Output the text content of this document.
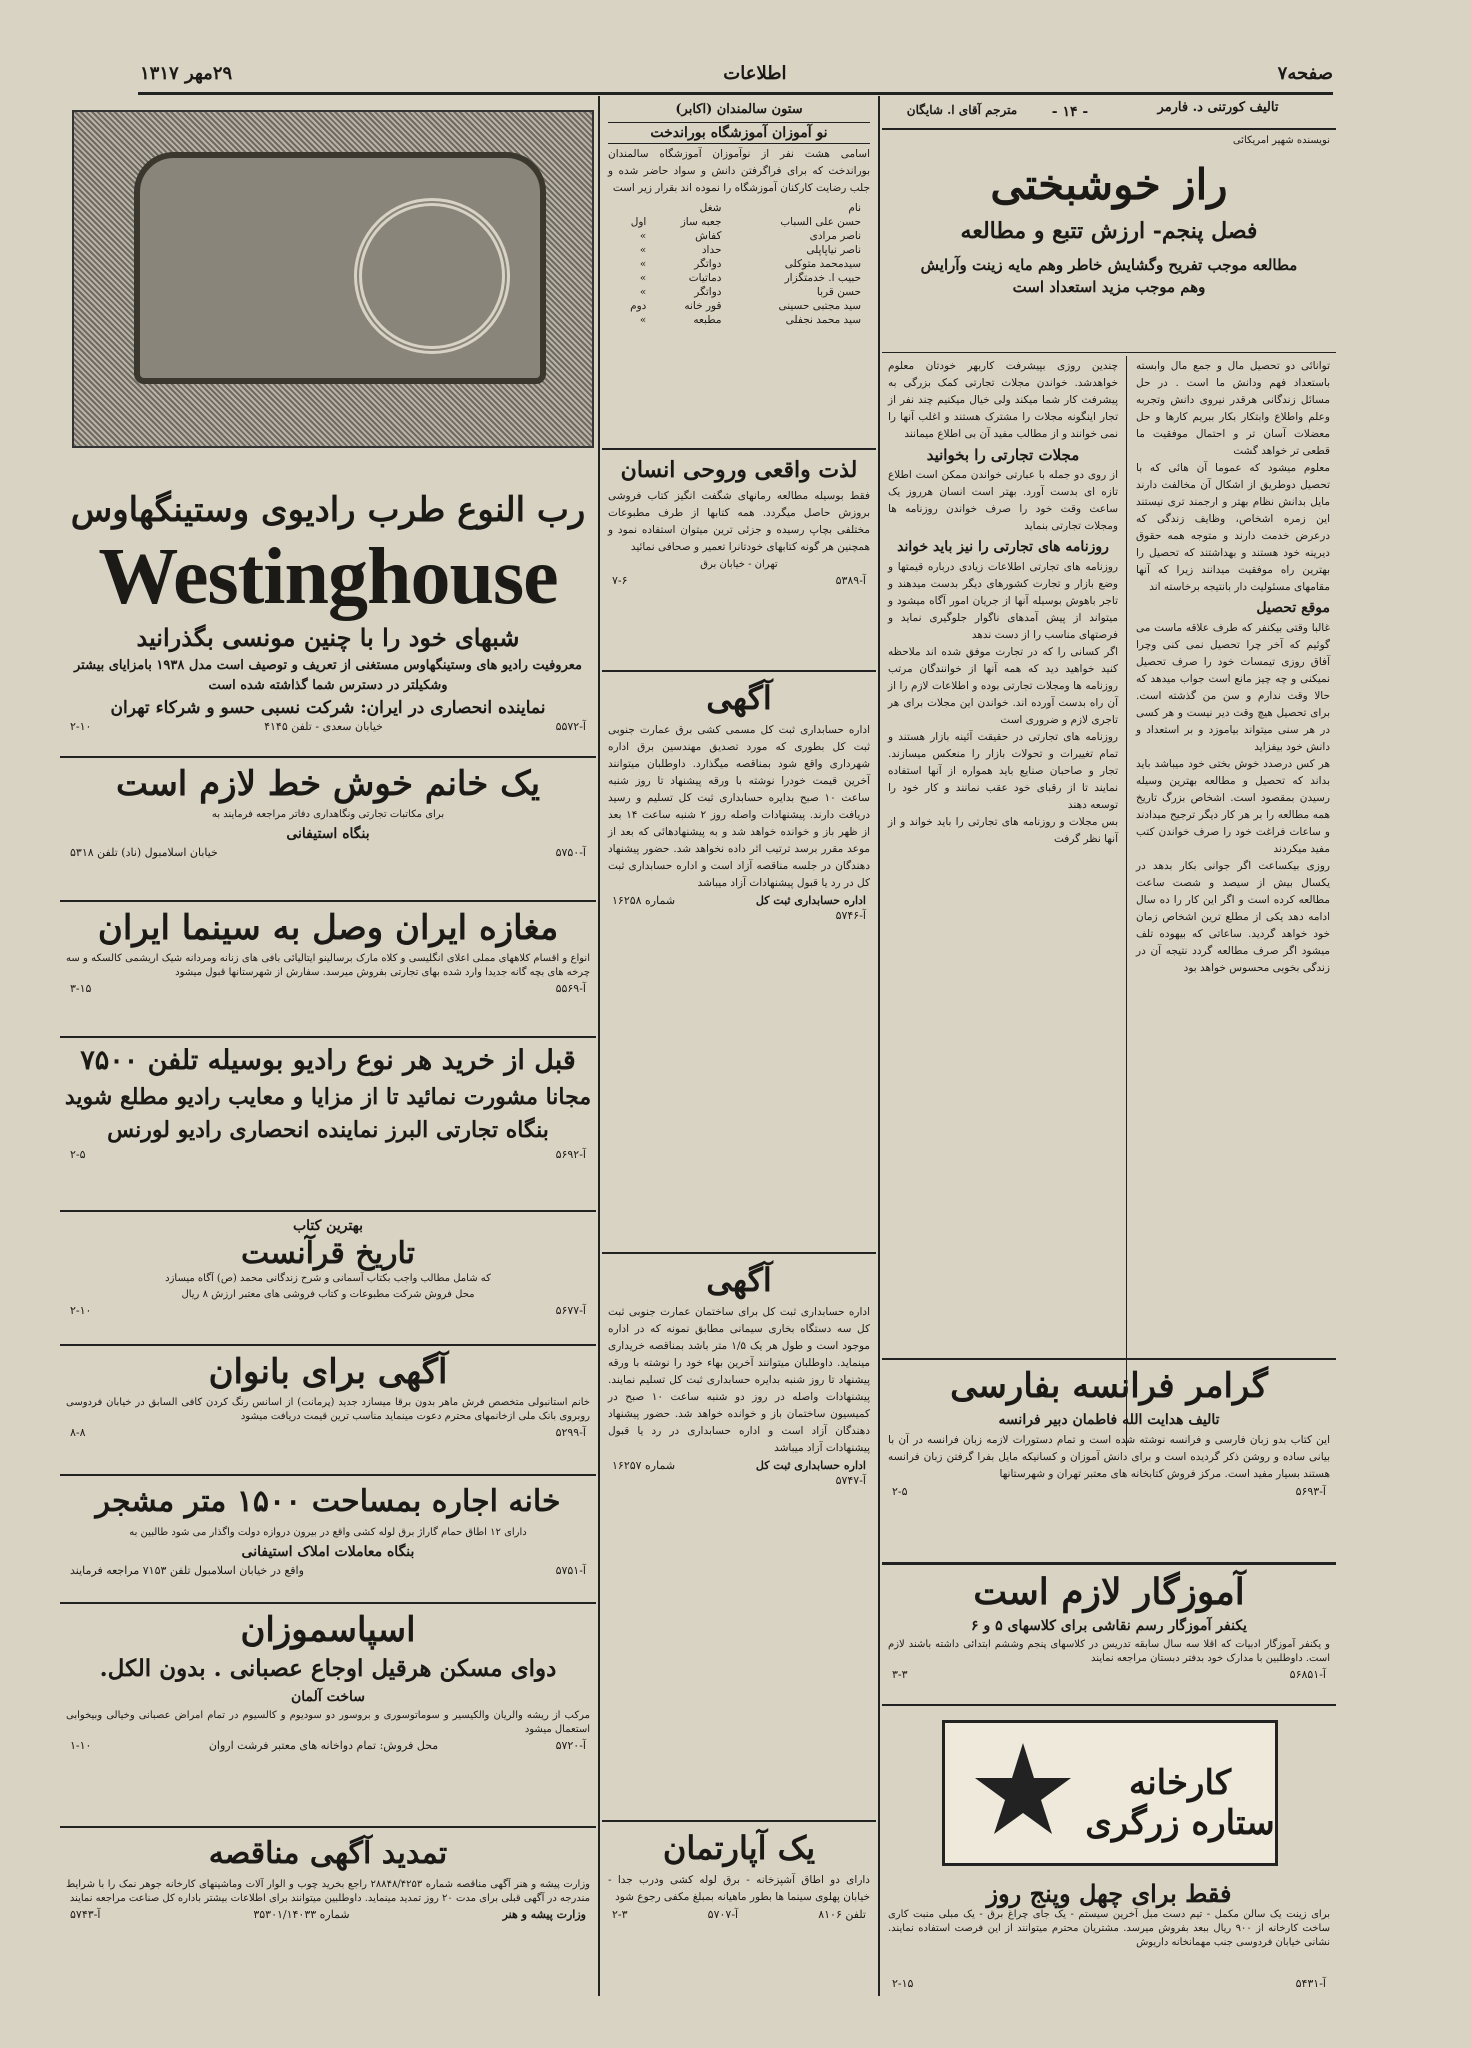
صفحه۷
اطلاعات
۲۹مهر ۱۳۱۷
تالیف کورتنی د. فارمر
- ۱۴ -
مترجم آقای ا. شایگان
نویسنده شهیر امریکائی
راز خوشبختی
فصل پنجم- ارزش تتبع و مطالعه
مطالعه موجب تفریح وگشایش خاطر وهم مایه زینت وآرایش وهم موجب مزید استعداد است

توانائی دو تحصیل مال و جمع مال وابسته باستعداد فهم ودانش ما است . در حل مسائل زندگانی هرقدر نیروی دانش وتجربه وعلم واطلاع وابتکار بکار ببریم کارها و حل معضلات آسان تر و احتمال موفقیت ما قطعی تر خواهد گشت

معلوم میشود که عموما آن هائی که با تحصیل دوطریق از اشکال آن مخالفت دارند مایل بدانش نظام بهتر و ارجمند تری نیستند این زمره اشخاص، وظایف زندگی که درعرض خدمت دارند و متوجه همه حقوق دیرینه خود هستند و بهداشتند که تحصیل را بهترین راه موفقیت میدانند زیرا که آنها مقامهای مسئولیت دار بانتیجه برخاسته اند

موقع تحصیل

غالبا وقتی بیکنفر که طرف علاقه ماست می گوئیم که آخر چرا تحصیل نمی کنی وچرا آفاق روزی تیمسات خود را صرف تحصیل نمیکنی و چه چیز مانع است جواب میدهد که حالا وقت ندارم و سن من گذشته است. برای تحصیل هیچ وقت دیر نیست و هر کسی در هر سنی میتواند بیاموزد و بر استعداد و دانش خود بیفزاید

هر کس درصدد خوش بختی خود میباشد باید بداند که تحصیل و مطالعه بهترین وسیله رسیدن بمقصود است. اشخاص بزرگ تاریخ همه مطالعه را بر هر کار دیگر ترجیح میدادند و ساعات فراغت خود را صرف خواندن کتب مفید میکردند

روزی بیکساعت اگر جوانی بکار بدهد در یکسال بیش از سیصد و شصت ساعت مطالعه کرده است و اگر این کار را ده سال ادامه دهد یکی از مطلع ترین اشخاص زمان خود خواهد گردید. ساعاتی که بیهوده تلف میشود اگر صرف مطالعه گردد نتیجه آن در زندگی بخوبی محسوس خواهد بود

چندین روزی بپیشرفت کاربهر خودتان معلوم خواهدشد. خواندن مجلات تجارتی کمک بزرگی به پیشرفت کار شما میکند ولی خیال میکنیم چند نفر از تجار اینگونه مجلات را مشترک هستند و اغلب آنها را نمی خوانند و از مطالب مفید آن بی اطلاع میمانند

مجلات تجارتی را بخوانید

از روی دو جمله با عبارتی خواندن ممکن است اطلاع تازه ای بدست آورد. بهتر است انسان هرروز یک ساعت وقت خود را صرف خواندن روزنامه ها ومجلات تجارتی بنماید

روزنامه های تجارتی را نیز باید خواند

روزنامه های تجارتی اطلاعات زیادی درباره قیمتها و وضع بازار و تجارت کشورهای دیگر بدست میدهند و تاجر باهوش بوسیله آنها از جریان امور آگاه میشود و میتواند از پیش آمدهای ناگوار جلوگیری نماید و فرصتهای مناسب را از دست ندهد

اگر کسانی را که در تجارت موفق شده اند ملاحظه کنید خواهید دید که همه آنها از خوانندگان مرتب روزنامه ها ومجلات تجارتی بوده و اطلاعات لازم را از آن راه بدست آورده اند. خواندن این مجلات برای هر تاجری لازم و ضروری است

روزنامه های تجارتی در حقیقت آئینه بازار هستند و تمام تغییرات و تحولات بازار را منعکس میسازند. تجار و صاحبان صنایع باید همواره از آنها استفاده نمایند تا از رقبای خود عقب نمانند و کار خود را توسعه دهند

بس مجلات و روزنامه های تجارتی را باید خواند و از آنها نظر گرفت

گرامر فرانسه بفارسی
تالیف هدایت الله فاطمان دبیر فرانسه

این کتاب بدو زبان فارسی و فرانسه نوشته شده است و تمام دستورات لازمه زبان فرانسه در آن با بیانی ساده و روشن ذکر گردیده است و برای دانش آموزان و کسانیکه مایل بفرا گرفتن زبان فرانسه هستند بسیار مفید است. مرکز فروش کتابخانه های معتبر تهران و شهرستانها

آ-۵۶۹۳
۲-۵
آموزگار لازم است
یکنفر آموزگار رسم نقاشی برای کلاسهای ۵ و ۶

و یکنفر آموزگار ادبیات که اقلا سه سال سابقه تدریس در کلاسهای پنجم وششم ابتدائی داشته باشند لازم است. داوطلبین با مدارک خود بدفتر دبستان مراجعه نمایند

آ-۵۶۸۵۱
۳-۳
کارخانه ستاره زرگری
فقط برای چهل وپنج روز

برای زینت یک سالن مکمل - تیم دست مبل آخرین سیستم - یک جای چراغ برق - یک مبلی منبت کاری ساخت کارخانه از ۹۰۰ ریال ببعد بفروش میرسد. مشتریان محترم میتوانند از این فرصت استفاده نمایند. نشانی خیابان فردوسی جنب مهمانخانه داریوش

آ-۵۴۳۱
۲-۱۵
ستون سالمندان (اکابر)
نو آموزان آموزشگاه بوراندخت

اسامی هشت نفر از نوآموزان آموزشگاه سالمندان بوراندخت که برای فراگرفتن دانش و سواد حاضر شده و جلب رضایت کارکنان آموزشگاه را نموده اند بقرار زیر است

نام	شغل	
حسن علی السباب	جعبه ساز	اول
ناصر مرادی	کفاش	»
ناصر نیاپاپلی	حداد	»
سیدمحمد متوکلی	دواتگر	»
حبیب ا. خدمتگزار	دماتیات	»
حسن قربا	دواتگر	»
سید مجتبی حسینی	قور خانه	دوم
سید محمد نجفلی	مطبعه	»
لذت واقعی وروحی انسان

فقط بوسیله مطالعه رمانهای شگفت انگیز کتاب فروشی بروزش حاصل میگردد. همه کتابها از طرف مطبوعات مختلفی بچاپ رسیده و جزئی ترین میتوان استفاده نمود و همچنین هر گونه کتابهای خودتانرا تعمیر و صحافی نمائید

تهران - خیابان برق
آ-۵۳۸۹
۷-۶
آگهی

اداره حسابداری ثبت کل مسمی کشی برق عمارت جنوبی ثبت کل بطوری که مورد تصدیق مهندسین برق اداره شهرداری واقع شود بمناقصه میگذارد. داوطلبان میتوانند آخرین قیمت خودرا نوشته با ورقه پیشنهاد تا روز شنبه ساعت ۱۰ صبح بدایره حسابداری ثبت کل تسلیم و رسید دریافت دارند. پیشنهادات واصله روز ۲ شنبه ساعت ۱۴ بعد از ظهر باز و خوانده خواهد شد و به پیشنهادهائی که بعد از موعد مقرر برسد ترتیب اثر داده نخواهد شد. حضور پیشنهاد دهندگان در جلسه مناقصه آزاد است و اداره حسابداری ثبت کل در رد یا قبول پیشنهادات آزاد میباشد

اداره حسابداری ثبت کل
شماره ۱۶۲۵۸
آ-۵۷۴۶
آگهی

اداره حسابداری ثبت کل برای ساختمان عمارت جنوبی ثبت کل سه دستگاه بخاری سیمانی مطابق نمونه که در اداره موجود است و طول هر یک ۱/۵ متر باشد بمناقصه خریداری مینماید. داوطلبان میتوانند آخرین بهاء خود را نوشته با ورقه پیشنهاد تا روز شنبه بدایره حسابداری ثبت کل تسلیم نمایند. پیشنهادات واصله در روز دو شنبه ساعت ۱۰ صبح در کمیسیون ساختمان باز و خوانده خواهد شد. حضور پیشنهاد دهندگان آزاد است و اداره حسابداری در رد یا قبول پیشنهادات آزاد میباشد

اداره حسابداری ثبت کل
شماره ۱۶۲۵۷
آ-۵۷۴۷
یک آپارتمان

دارای دو اطاق آشپزخانه - برق لوله کشی ودرب جدا - خیابان پهلوی سینما ها بطور ماهیانه بمبلغ مکفی رجوع شود

تلفن ۸۱۰۶
آ-۵۷۰۷
۲-۳
رب النوع طرب رادیوی وستینگهاوس
Westinghouse
شبهای خود را با چنین مونسی بگذرانید
معروفیت رادیو های وستینگهاوس مستغنی از تعریف و توصیف است مدل ۱۹۳۸ بامزایای بیشتر وشکیلتر در دسترس شما گذاشته شده است
نماینده انحصاری در ایران: شرکت نسبی حسو و شرکاء تهران
آ-۵۵۷۲
خیابان سعدی - تلفن ۴۱۴۵
۲-۱۰
یک خانم خوش خط لازم است
برای مکاتبات تجارتی ونگاهداری دفاتر مراجعه فرمایند به
بنگاه استیفانی
آ-۵۷۵۰
خیابان اسلامبول (ناد) تلفن ۵۳۱۸
مغازه ایران وصل به سینما ایران

انواع و اقسام کلاههای مملی اعلای انگلیسی و کلاه مارک برسالینو ایتالیائی بافی های زنانه ومردانه شیک اریشمی کالسکه و سه چرخه های بچه گانه جدیدا وارد شده بهای تجارتی بفروش میرسد. سفارش از شهرستانها قبول میشود

آ-۵۵۶۹
۳-۱۵
قبل از خرید هر نوع رادیو بوسیله تلفن ۷۵۰۰
مجانا مشورت نمائید تا از مزایا و معایب رادیو مطلع شوید
بنگاه تجارتی البرز نماینده انحصاری رادیو لورنس
آ-۵۶۹۲
۲-۵
بهترین کتاب
تاریخ قرآنست
که شامل مطالب واجب بکتاب آسمانی و شرح زندگانی محمد (ص) آگاه میسازد
محل فروش شرکت مطبوعات و کتاب فروشی های معتبر ارزش ۸ ریال
آ-۵۶۷۷
۲-۱۰
آگهی برای بانوان

خانم استانبولی متخصص فرش ماهر بدون برقا میسازد جدید (پرمانت) از اسانس رنگ کردن کافی السابق در خیابان فردوسی روبروی بانک ملی ازخانمهای محترم دعوت مینماید مناسب ترین قیمت دریافت میشود

آ-۵۲۹۹
۸-۸
خانه اجاره بمساحت ۱۵۰۰ متر مشجر
دارای ۱۲ اطاق حمام گاراژ برق لوله کشی واقع در بیرون دروازه دولت واگذار می شود طالبین به
بنگاه معاملات املاک استیفانی
آ-۵۷۵۱
واقع در خیابان اسلامبول تلفن ۷۱۵۳ مراجعه فرمایند
اسپاسموزان
دوای مسکن هرقیل اوجاع عصبانی . بدون الکل.
ساخت آلمان

مرکب از ریشه والریان والکیسیر و سوماتوسوری و بروسور دو سودیوم و کالسیوم در تمام امراض عصبانی وخیالی وبیخوابی استعمال میشود

آ-۵۷۲۰
محل فروش: تمام دواخانه های معتبر فرشت اروان
۱-۱۰
تمدید آگهی مناقصه

وزارت پیشه و هنر آگهی مناقصه شماره ۲۸۸۴۸/۴۲۵۳ راجع بخرید چوب و الوار آلات وماشینهای کارخانه جوهر نمک را با شرایط مندرجه در آگهی قبلی برای مدت ۲۰ روز تمدید مینماید. داوطلبین میتوانند برای اطلاعات بیشتر باداره کل صناعت مراجعه نمایند

وزارت پیشه و هنر
شماره ۳۵۳۰۱/۱۴۰۳۳
آ-۵۷۴۳
